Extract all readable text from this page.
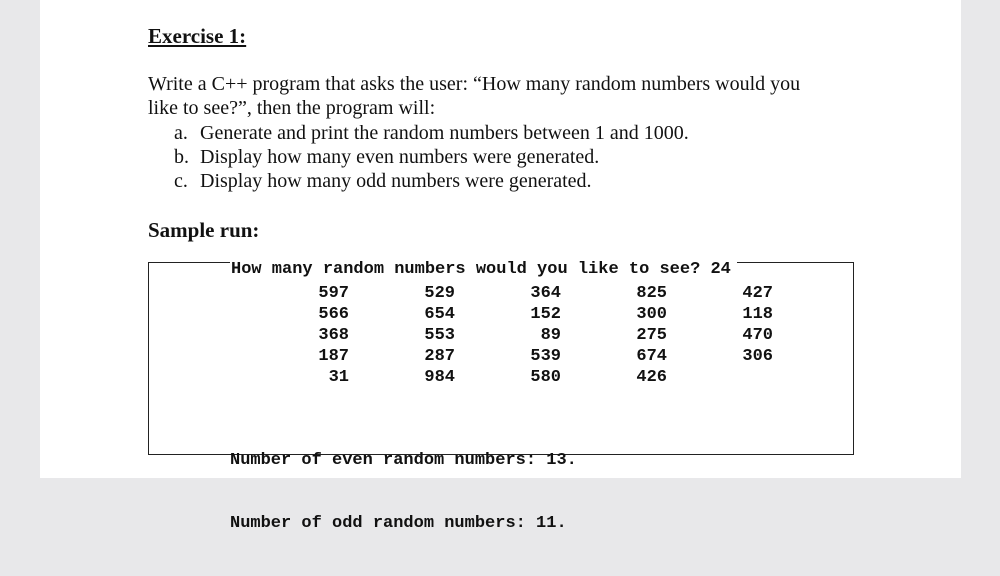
Exercise 1:
Write a C++ program that asks the user: “How many random numbers would you
like to see?”, then the program will:
a. Generate and print the random numbers between 1 and 1000.
b. Display how many even numbers were generated.
c. Display how many odd numbers were generated.
Sample run:
How many random numbers would you like to see? 24
597	529	364	825	427
566	654	152	300	118
368	553	89	275	470
187	287	539	674	306
31	984	580	426

Number of even random numbers: 13.

Number of odd random numbers: 11.
